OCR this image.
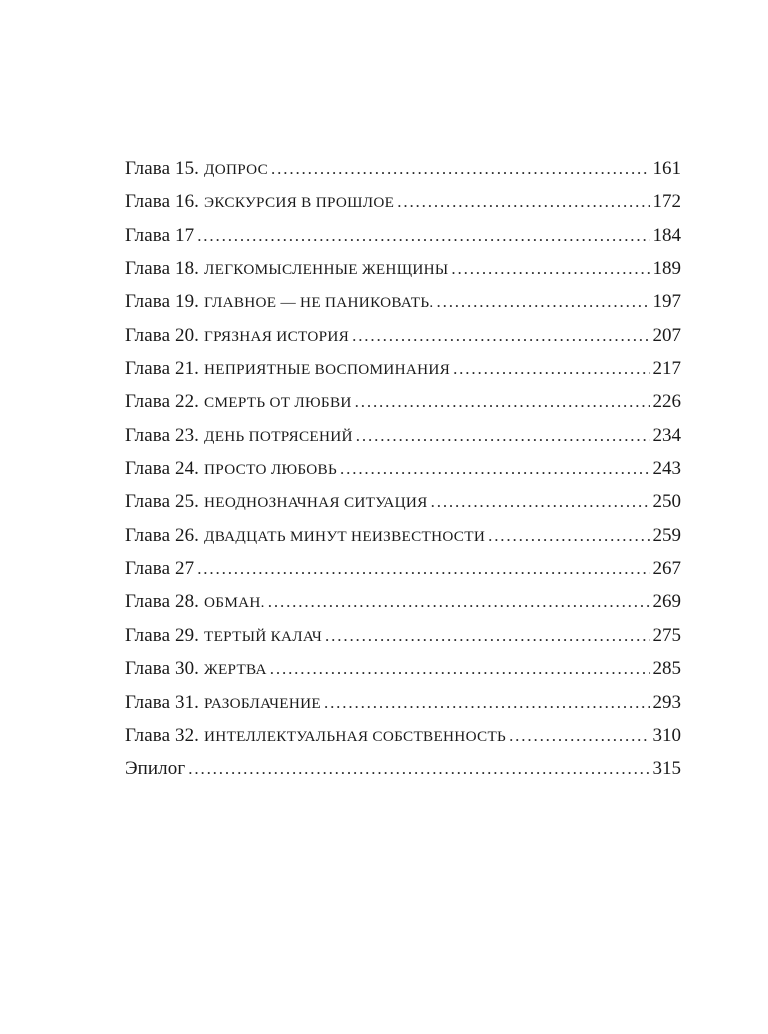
Глава 15. ДОПРОС . . .	161
Глава 16. ЭКСКУРСИЯ В ПРОШЛОЕ . . .	172
Глава 17 . . .	184
Глава 18. ЛЕГКОМЫСЛЕННЫЕ ЖЕНЩИНЫ . . .	189
Глава 19. ГЛАВНОЕ — НЕ ПАНИКОВАТЬ. . . .	197
Глава 20. ГРЯЗНАЯ ИСТОРИЯ . . .	207
Глава 21. НЕПРИЯТНЫЕ ВОСПОМИНАНИЯ . . .	217
Глава 22. СМЕРТЬ ОТ ЛЮБВИ . . .	226
Глава 23. ДЕНЬ ПОТРЯСЕНИЙ . . .	234
Глава 24. ПРОСТО ЛЮБОВЬ . . .	243
Глава 25. НЕОДНОЗНАЧНАЯ СИТУАЦИЯ . . .	250
Глава 26. ДВАДЦАТЬ МИНУТ НЕИЗВЕСТНОСТИ . . .	259
Глава 27 . . .	267
Глава 28. ОБМАН. . . .	269
Глава 29. ТЕРТЫЙ КАЛАЧ . . .	275
Глава 30. ЖЕРТВА . . .	285
Глава 31. РАЗОБЛАЧЕНИЕ . . .	293
Глава 32. ИНТЕЛЛЕКТУАЛЬНАЯ СОБСТВЕННОСТЬ . . .	310
Эпилог . . .	315
